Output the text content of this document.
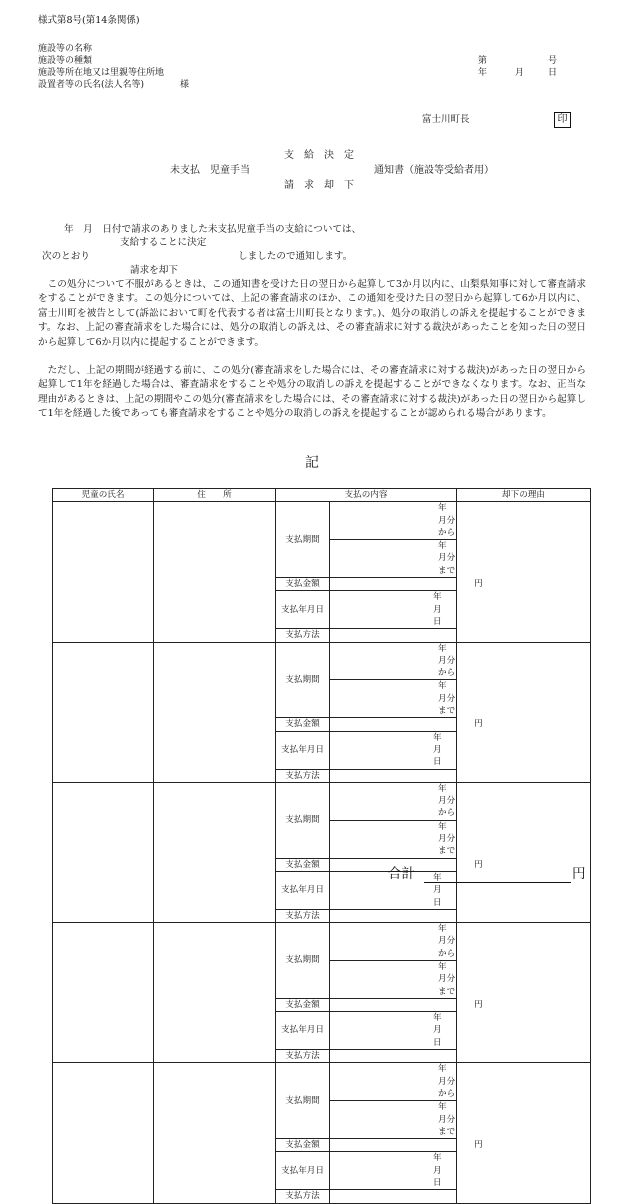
様式第8号(第14条関係)
施設等の名称
施設等の種類
施設等所在地又は里親等住所地
設置者等の氏名(法人名等)	様
第	号
年	月	日
富士川町長	印
支　給　決　定
未支払　児童手当	通知書（施設等受給者用）
請　求　却　下
年　月　日付で請求のありました未支払児童手当の支給については、
支給することに決定
次のとおり	しましたので通知します。
請求を却下
この処分について不服があるときは、この通知書を受けた日の翌日から起算して3か月以内に、山梨県知事に対して審査請求をすることができます。この処分については、上記の審査請求のほか、この通知を受けた日の翌日から起算して6か月以内に、富士川町を被告として(訴訟において町を代表する者は富士川町長となります。)、処分の取消しの訴えを提起することができます。なお、上記の審査請求をした場合には、処分の取消しの訴えは、その審査請求に対する裁決があったことを知った日の翌日から起算して6か月以内に提起することができます。
ただし、上記の期間が経過する前に、この処分(審査請求をした場合には、その審査請求に対する裁決)があった日の翌日から起算して1年を経過した場合は、審査請求をすることや処分の取消しの訴えを提起することができなくなります。なお、正当な理由があるときは、上記の期間やこの処分(審査請求をした場合には、その審査請求に対する裁決)があった日の翌日から起算して1年を経過した後であっても審査請求をすることや処分の取消しの訴えを提起することが認められる場合があります。
記
児童の氏名	住　　所	支払の内容		却下の理由
		支払期間	年　　月分から	
			年　　月分まで	
		支払金額	円	
		支払年月日	年　　月　　日	
		支払方法		
		支払期間	年　　月分から	
			年　　月分まで	
		支払金額	円	
		支払年月日	年　　月　　日	
		支払方法		
		支払期間	年　　月分から	
			年　　月分まで	
		支払金額	円	
		支払年月日	年　　月　　日	
		支払方法		
		支払期間	年　　月分から	
			年　　月分まで	
		支払金額	円	
		支払年月日	年　　月　　日	
		支払方法		
		支払期間	年　　月分から	
			年　　月分まで	
		支払金額	円	
		支払年月日	年　　月　　日	
		支払方法		
合計	円
